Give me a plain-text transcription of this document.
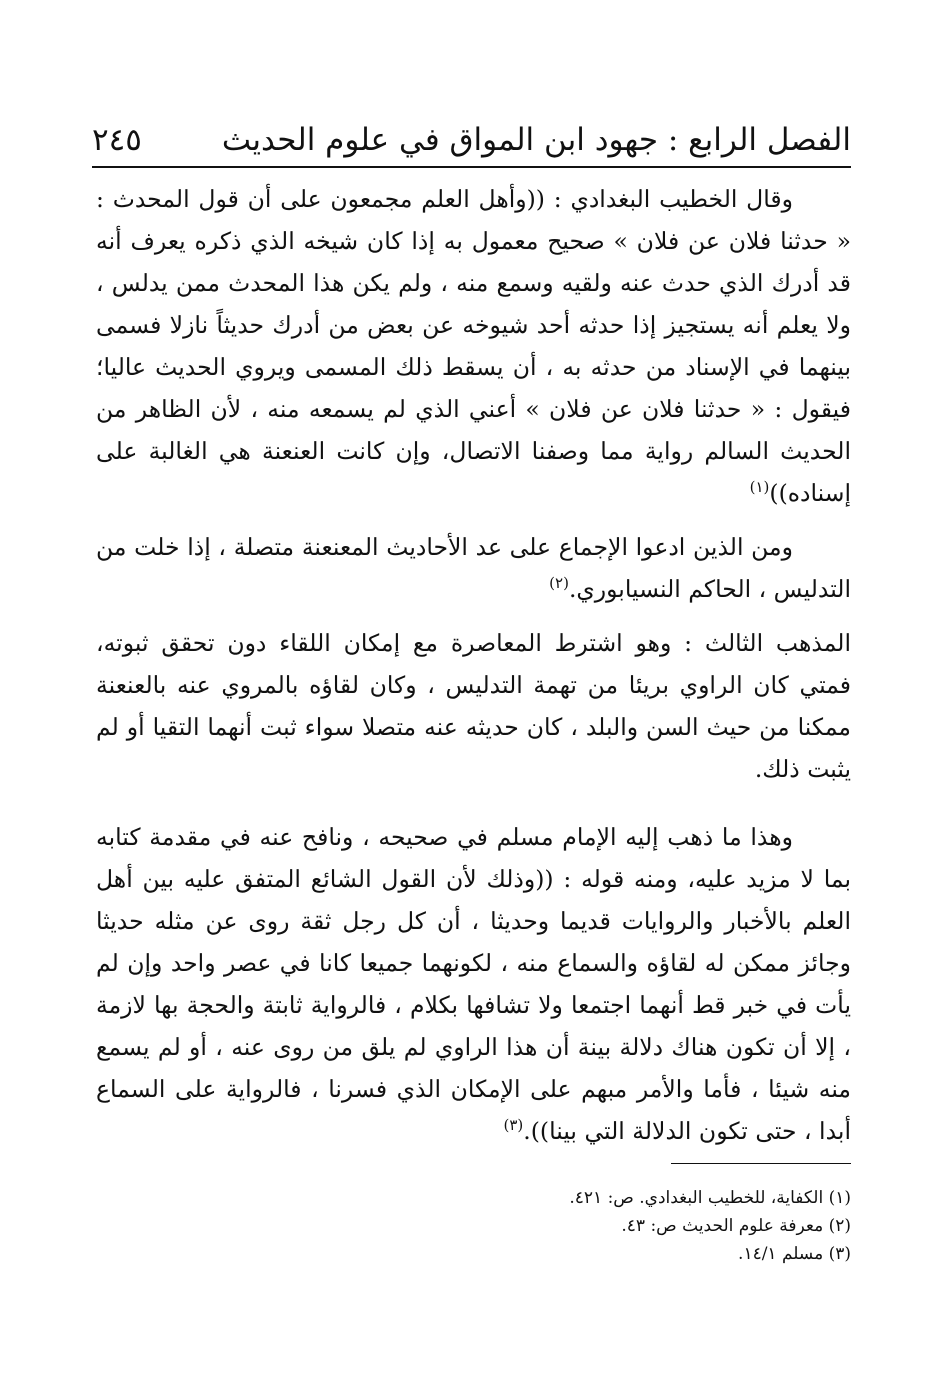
الفصل الرابع : جهود ابن المواق في علوم الحديث
٢٤٥

وقال الخطيب البغدادي : ((وأهل العلم مجمعون على أن قول المحدث : « حدثنا فلان عن فلان » صحيح معمول به إذا كان شيخه الذي ذكره يعرف أنه قد أدرك الذي حدث عنه ولقيه وسمع منه ، ولم يكن هذا المحدث ممن يدلس ، ولا يعلم أنه يستجيز إذا حدثه أحد شيوخه عن بعض من أدرك حديثاً نازلا فسمى بينهما في الإسناد من حدثه به ، أن يسقط ذلك المسمى ويروي الحديث عاليا؛ فيقول : « حدثنا فلان عن فلان » أعني الذي لم يسمعه منه ، لأن الظاهر من الحديث السالم رواية مما وصفنا الاتصال، وإن كانت العنعنة هي الغالبة على إسناده))$^{(١)}$

ومن الذين ادعوا الإجماع على عد الأحاديث المعنعنة متصلة ، إذا خلت من التدليس ، الحاكم النسيابوري.$^{(٢)}$

المذهب الثالث : وهو اشترط المعاصرة مع إمكان اللقاء دون تحقق ثبوته، فمتي كان الراوي بريئا من تهمة التدليس ، وكان لقاؤه بالمروي عنه بالعنعنة ممكنا من حيث السن والبلد ، كان حديثه عنه متصلا سواء ثبت أنهما التقيا أو لم يثبت ذلك.

وهذا ما ذهب إليه الإمام مسلم في صحيحه ، ونافح عنه في مقدمة كتابه بما لا مزيد عليه، ومنه قوله : ((وذلك لأن القول الشائع المتفق عليه بين أهل العلم بالأخبار والروايات قديما وحديثا ، أن كل رجل ثقة روى عن مثله حديثا وجائز ممكن له لقاؤه والسماع منه ، لكونهما جميعا كانا في عصر واحد وإن لم يأت في خبر قط أنهما اجتمعا ولا تشافها بكلام ، فالرواية ثابتة والحجة بها لازمة ، إلا أن تكون هناك دلالة بينة أن هذا الراوي لم يلق من روى عنه ، أو لم يسمع منه شيئا ، فأما والأمر مبهم على الإمكان الذي فسرنا ، فالرواية على السماع أبدا ، حتى تكون الدلالة التي بينا)).$^{(٣)}$

(١) الكفاية، للخطيب البغدادي. ص: ٤٢١.
(٢) معرفة علوم الحديث ص: ٤٣.
(٣) مسلم ١٤/١.
